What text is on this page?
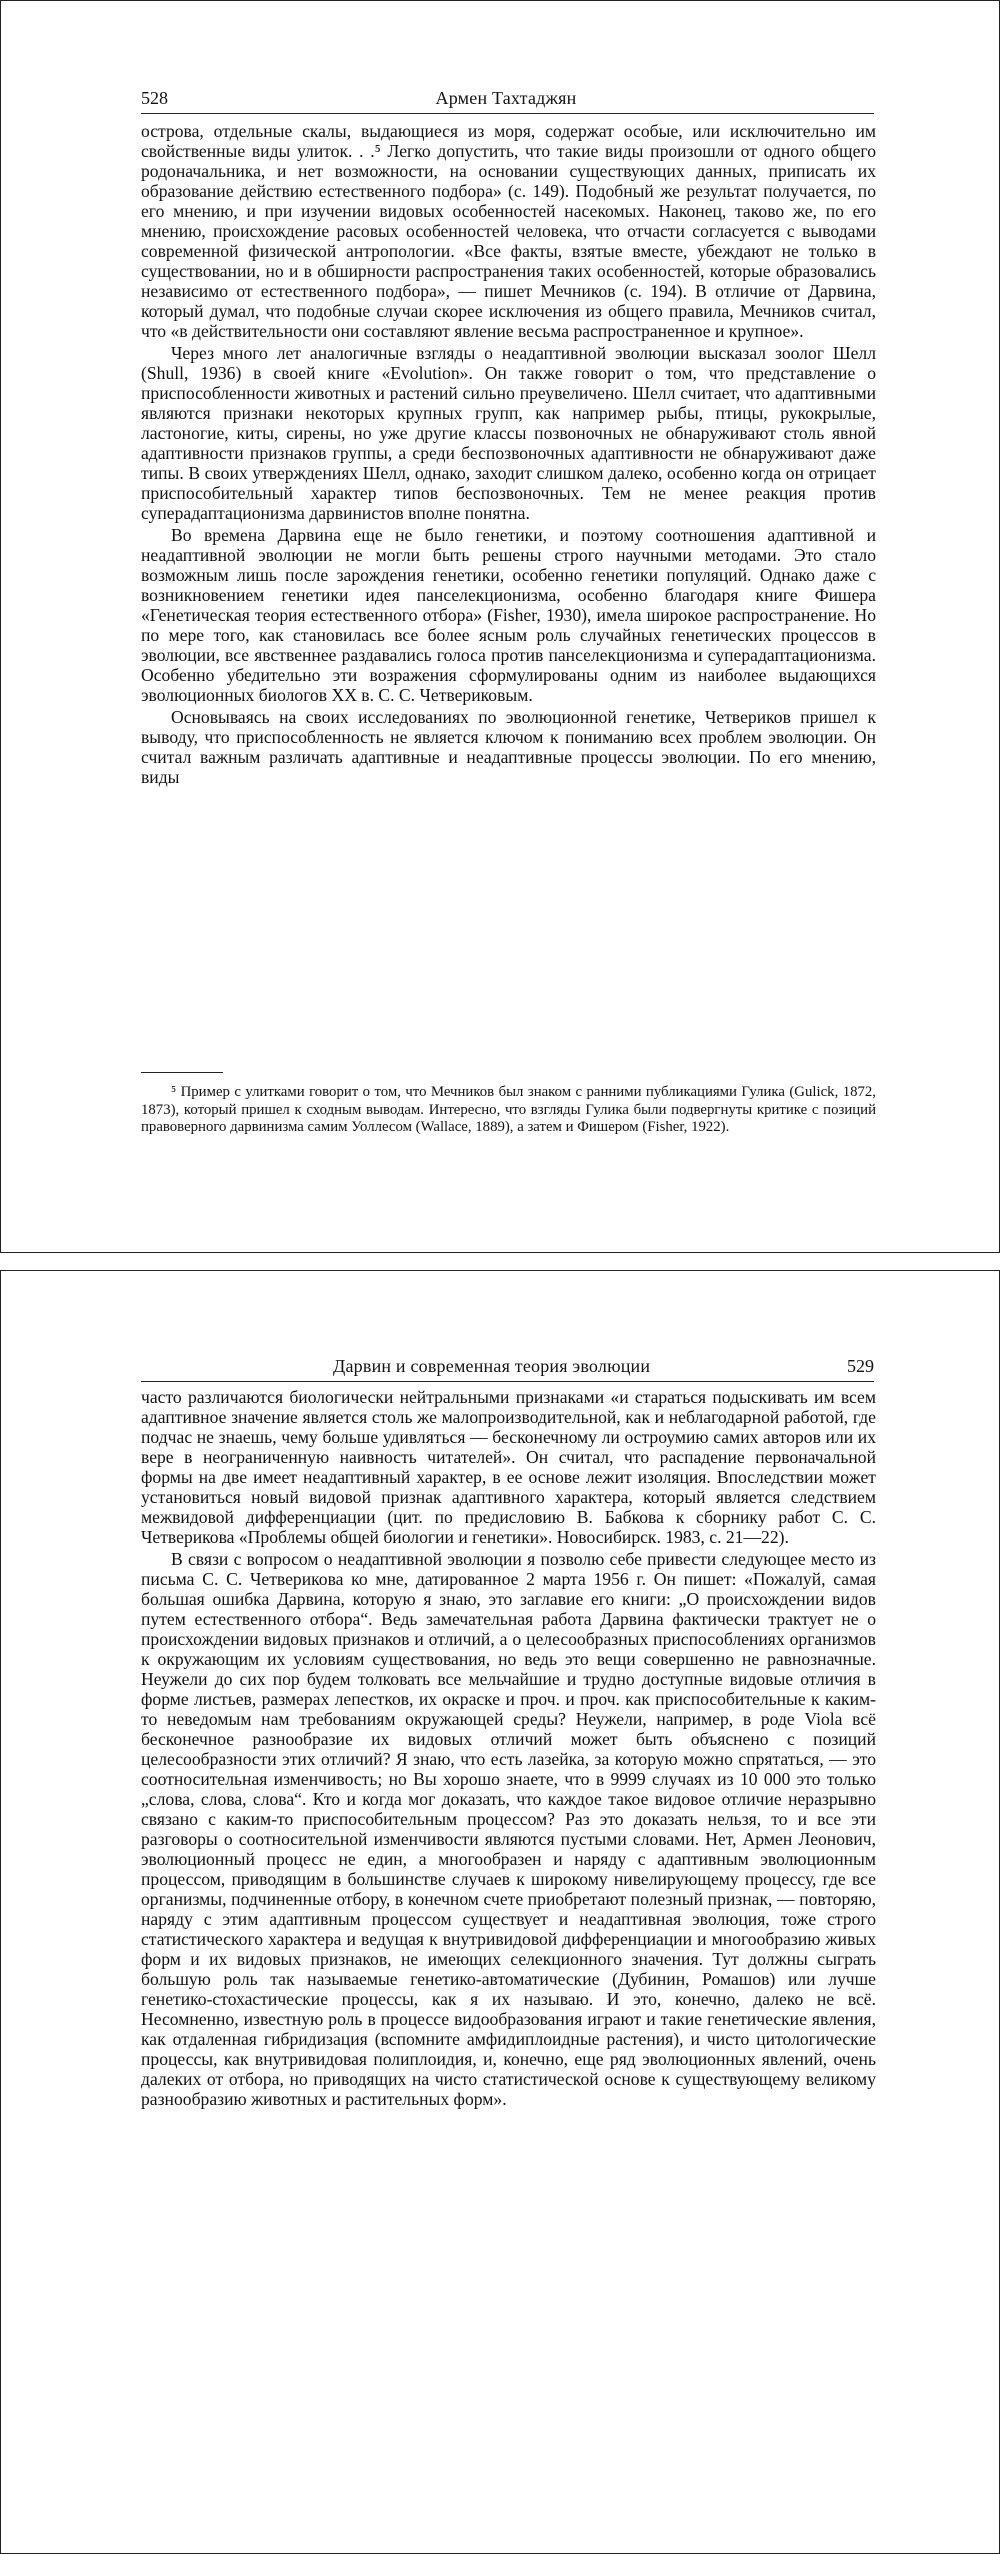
528	Армен Тахтаджян

острова, отдельные скалы, выдающиеся из моря, содержат особые, или исключительно им свойственные виды улиток. . .⁵ Легко допустить, что такие виды произошли от одного общего родоначальника, и нет возможности, на основании существующих данных, приписать их образование действию естественного подбора» (с. 149). Подобный же результат получается, по его мнению, и при изучении видовых особенностей насекомых. Наконец, таково же, по его мнению, происхождение расовых особенностей человека, что отчасти согласуется с выводами современной физической антропологии. «Все факты, взятые вместе, убеждают не только в существовании, но и в обширности распространения таких особенностей, которые образовались независимо от естественного подбора», — пишет Мечников (с. 194). В отличие от Дарвина, который думал, что подобные случаи скорее исключения из общего правила, Мечников считал, что «в действительности они составляют явление весьма распространенное и крупное».

Через много лет аналогичные взгляды о неадаптивной эволюции высказал зоолог Шелл (Shull, 1936) в своей книге «Evolution». Он также говорит о том, что представление о приспособленности животных и растений сильно преувеличено. Шелл считает, что адаптивными являются признаки некоторых крупных групп, как например рыбы, птицы, рукокрылые, ластоногие, киты, сирены, но уже другие классы позвоночных не обнаруживают столь явной адаптивности признаков группы, а среди беспозвоночных адаптивности не обнаруживают даже типы. В своих утверждениях Шелл, однако, заходит слишком далеко, особенно когда он отрицает приспособительный характер типов беспозвоночных. Тем не менее реакция против суперадаптационизма дарвинистов вполне понятна.

Во времена Дарвина еще не было генетики, и поэтому соотношения адаптивной и неадаптивной эволюции не могли быть решены строго научными методами. Это стало возможным лишь после зарождения генетики, особенно генетики популяций. Однако даже с возникновением генетики идея панселекционизма, особенно благодаря книге Фишера «Генетическая теория естественного отбора» (Fisher, 1930), имела широкое распространение. Но по мере того, как становилась все более ясным роль случайных генетических процессов в эволюции, все явственнее раздавались голоса против панселекционизма и суперадаптационизма. Особенно убедительно эти возражения сформулированы одним из наиболее выдающихся эволюционных биологов XX в. С. С. Четвериковым.

Основываясь на своих исследованиях по эволюционной генетике, Четвериков пришел к выводу, что приспособленность не является ключом к пониманию всех проблем эволюции. Он считал важным различать адаптивные и неадаптивные процессы эволюции. По его мнению, виды

⁵ Пример с улитками говорит о том, что Мечников был знаком с ранними публикациями Гулика (Gulick, 1872, 1873), который пришел к сходным выводам. Интересно, что взгляды Гулика были подвергнуты критике с позиций правоверного дарвинизма самим Уоллесом (Wallace, 1889), а затем и Фишером (Fisher, 1922).
Дарвин и современная теория эволюции	529

часто различаются биологически нейтральными признаками «и стараться подыскивать им всем адаптивное значение является столь же малопроизводительной, как и неблагодарной работой, где подчас не знаешь, чему больше удивляться — бесконечному ли остроумию самих авторов или их вере в неограниченную наивность читателей». Он считал, что распадение первоначальной формы на две имеет неадаптивный характер, в ее основе лежит изоляция. Впоследствии может установиться новый видовой признак адаптивного характера, который является следствием межвидовой дифференциации (цит. по предисловию В. Бабкова к сборнику работ С. С. Четверикова «Проблемы общей биологии и генетики». Новосибирск. 1983, с. 21—22).

В связи с вопросом о неадаптивной эволюции я позволю себе привести следующее место из письма С. С. Четверикова ко мне, датированное 2 марта 1956 г. Он пишет: «Пожалуй, самая большая ошибка Дарвина, которую я знаю, это заглавие его книги: „О происхождении видов путем естественного отбора“. Ведь замечательная работа Дарвина фактически трактует не о происхождении видовых признаков и отличий, а о целесообразных приспособлениях организмов к окружающим их условиям существования, но ведь это вещи совершенно не равнозначные. Неужели до сих пор будем толковать все мельчайшие и трудно доступные видовые отличия в форме листьев, размерах лепестков, их окраске и проч. и проч. как приспособительные к каким-то неведомым нам требованиям окружающей среды? Неужели, например, в роде Viola всё бесконечное разнообразие их видовых отличий может быть объяснено с позиций целесообразности этих отличий? Я знаю, что есть лазейка, за которую можно спрятаться, — это соотносительная изменчивость; но Вы хорошо знаете, что в 9999 случаях из 10 000 это только „слова, слова, слова“. Кто и когда мог доказать, что каждое такое видовое отличие неразрывно связано с каким-то приспособительным процессом? Раз это доказать нельзя, то и все эти разговоры о соотносительной изменчивости являются пустыми словами. Нет, Армен Леонович, эволюционный процесс не един, а многообразен и наряду с адаптивным эволюционным процессом, приводящим в большинстве случаев к широкому нивелирующему процессу, где все организмы, подчиненные отбору, в конечном счете приобретают полезный признак, — повторяю, наряду с этим адаптивным процессом существует и неадаптивная эволюция, тоже строго статистического характера и ведущая к внутривидовой дифференциации и многообразию живых форм и их видовых признаков, не имеющих селекционного значения. Тут должны сыграть большую роль так называемые генетико-автоматические (Дубинин, Ромашов) или лучше генетико-стохастические процессы, как я их называю. И это, конечно, далеко не всё. Несомненно, известную роль в процессе видообразования играют и такие генетические явления, как отдаленная гибридизация (вспомните амфидиплоидные растения), и чисто цитологические процессы, как внутривидовая полиплоидия, и, конечно, еще ряд эволюционных явлений, очень далеких от отбора, но приводящих на чисто статистической основе к существующему великому разнообразию животных и растительных форм».
